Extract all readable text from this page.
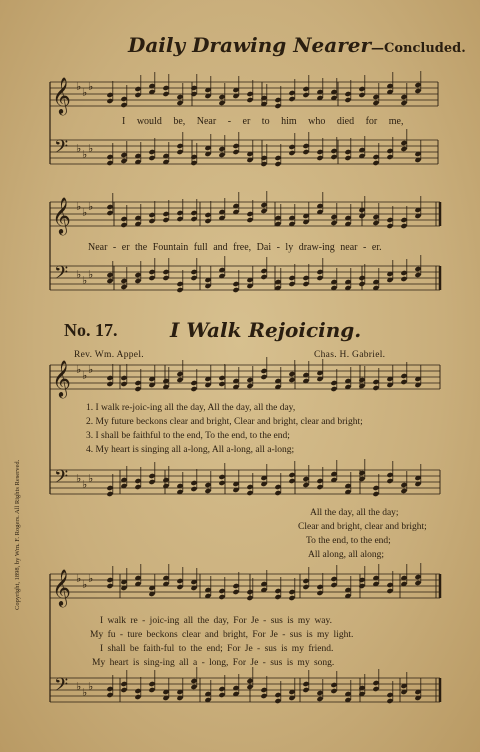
𝄞
𝄢
♭ ♭ ♭
♭ ♭ ♭
𝄞
𝄢
♭ ♭ ♭
♭ ♭ ♭
𝄞
𝄢
♭ ♭ ♭
♭ ♭ ♭
𝄞
𝄢
♭ ♭ ♭
♭ ♭ ♭
Daily Drawing Nearer—Concluded.
I would be, Near - er to him who died for me,
Near - er the Fountain full and free, Dai - ly draw-ing near - er.
No. 17.	I Walk Rejoicing.
Rev. Wm. Appel.	Chas. H. Gabriel.
1. I walk re-joic-ing all the day, All the day, all the day,
2. My future beckons clear and bright, Clear and bright, clear and bright;
3. I shall be faithful to the end, To the end, to the end;
4. My heart is singing all a-long, All a-long, all a-long;
All the day, all the day;
Clear and bright, clear and bright;
To the end, to the end;
All along, all along;
I walk re - joic-ing all the day, For Je - sus is my way.
My fu - ture beckons clear and bright, For Je - sus is my light.
I shall be faith-ful to the end; For Je - sus is my friend.
My heart is sing-ing all a - long, For Je - sus is my song.
Copyright, 1898, by Wm. F. Rogers. All Rights Reserved.
